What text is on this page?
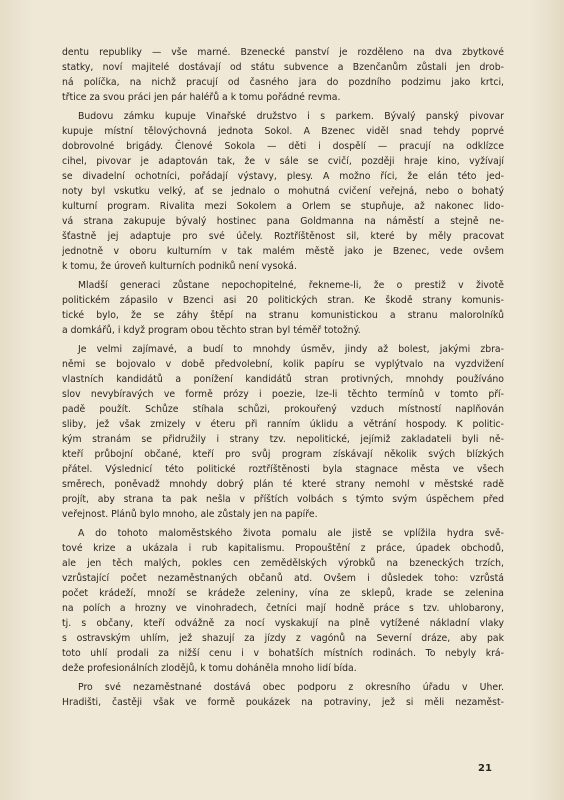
dentu republiky — vše marné. Bzenecké panství je rozděleno na dva zbytkové
statky, noví majitelé dostávají od státu subvence a Bzenčanům zůstali jen drob-
ná políčka, na nichž pracují od časného jara do pozdního podzimu jako krtci,
třtice za svou práci jen pár haléřů a k tomu pořádné revma.
Budovu zámku kupuje Vinařské družstvo i s parkem. Bývalý panský pivovar
kupuje místní tělovýchovná jednota Sokol. A Bzenec viděl snad tehdy poprvé
dobrovolné brigády. Členové Sokola — děti i dospělí — pracují na odklízce
cihel, pivovar je adaptován tak, že v sále se cvičí, později hraje kino, vyžívají
se divadelní ochotníci, pořádají výstavy, plesy. A možno říci, že elán této jed-
noty byl vskutku velký, ať se jednalo o mohutná cvičení veřejná, nebo o bohatý
kulturní program. Rivalita mezi Sokolem a Orlem se stupňuje, až nakonec lido-
vá strana zakupuje bývalý hostinec pana Goldmanna na náměstí a stejně ne-
šťastně jej adaptuje pro své účely. Roztříštěnost sil, které by měly pracovat
jednotně v oboru kulturním v tak malém městě jako je Bzenec, vede ovšem
k tomu, že úroveň kulturních podniků není vysoká.
Mladší generaci zůstane nepochopitelné, řekneme-li, že o prestiž v životě
politickém zápasilo v Bzenci asi 20 politických stran. Ke škodě strany komunis-
tické bylo, že se záhy štěpí na stranu komunistickou a stranu malorolníků
a domkářů, i když program obou těchto stran byl téměř totožný.
Je velmi zajímavé, a budí to mnohdy úsměv, jindy až bolest, jakými zbra-
němi se bojovalo v době předvolební, kolik papíru se vyplýtvalo na vyzdvižení
vlastních kandidátů a ponížení kandidátů stran protivných, mnohdy používáno
slov nevybíravých ve formě prózy i poezie, lze-li těchto termínů v tomto pří-
padě použít. Schůze stíhala schůzi, prokouřený vzduch místností naplňován
sliby, jež však zmizely v éteru při ranním úklidu a větrání hospody. K politic-
kým stranám se přidružily i strany tzv. nepolitické, jejímiž zakladateli byli ně-
kteří průbojní občané, kteří pro svůj program získávají několik svých blízkých
přátel. Výslednicí této politické roztříštěnosti byla stagnace města ve všech
směrech, poněvadž mnohdy dobrý plán té které strany nemohl v městské radě
projít, aby strana ta pak nešla v příštích volbách s týmto svým úspěchem před
veřejnost. Plánů bylo mnoho, ale zůstaly jen na papíře.
A do tohoto maloměstského života pomalu ale jistě se vplížila hydra svě-
tové krize a ukázala i rub kapitalismu. Propouštění z práce, úpadek obchodů,
ale jen těch malých, pokles cen zemědělských výrobků na bzeneckých trzích,
vzrůstající počet nezaměstnaných občanů atd. Ovšem i důsledek toho: vzrůstá
počet krádeží, množí se krádeže zeleniny, vína ze sklepů, krade se zelenina
na polích a hrozny ve vinohradech, četníci mají hodně práce s tzv. uhlobarony,
tj. s občany, kteří odvážně za nocí vyskakují na plně vytížené nákladní vlaky
s ostravským uhlím, jež shazují za jízdy z vagónů na Severní dráze, aby pak
toto uhlí prodali za nižší cenu i v bohatších místních rodinách. To nebyly krá-
deže profesionálních zlodějů, k tomu doháněla mnoho lidí bída.
Pro své nezaměstnané dostává obec podporu z okresního úřadu v Uher.
Hradišti, častěji však ve formě poukázek na potraviny, jež si měli nezaměst-
21
